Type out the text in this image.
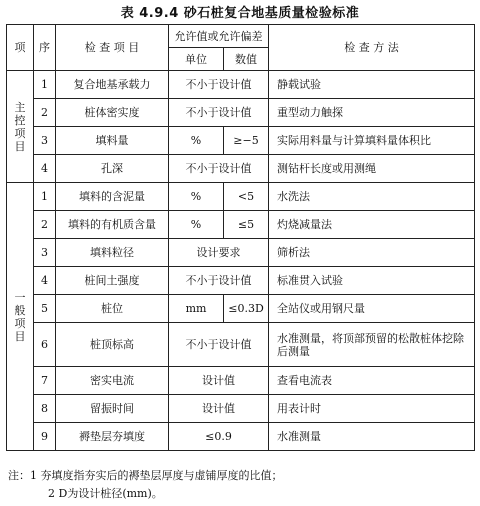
表 4.9.4 砂石桩复合地基质量检验标准
项	序	检 查 项 目	允许值或允许偏差		检 查 方 法
			单位	数值	

主
控
项
目	1	复合地基承载力	不小于设计值		静载试验
	2	桩体密实度	不小于设计值		重型动力触探
	3	填料量	%	≥−5	实际用料量与计算填料量体积比
	4	孔深	不小于设计值		测钻杆长度或用测绳

一
般
项
目	1	填料的含泥量	%	<5	水洗法
	2	填料的有机质含量	%	≤5	灼烧减量法
	3	填料粒径	设计要求		筛析法
	4	桩间土强度	不小于设计值		标准贯入试验
	5	桩位	mm	≤0.3D	全站仪或用钢尺量
	6	桩顶标高	不小于设计值		水准测量，将顶部预留的松散桩体挖除后测量
	7	密实电流	设计值		查看电流表
	8	留振时间	设计值		用表计时
	9	褥垫层夯填度	≤0.9		水准测量
注：1 夯填度指夯实后的褥垫层厚度与虚铺厚度的比值；
2 D为设计桩径(mm)。
